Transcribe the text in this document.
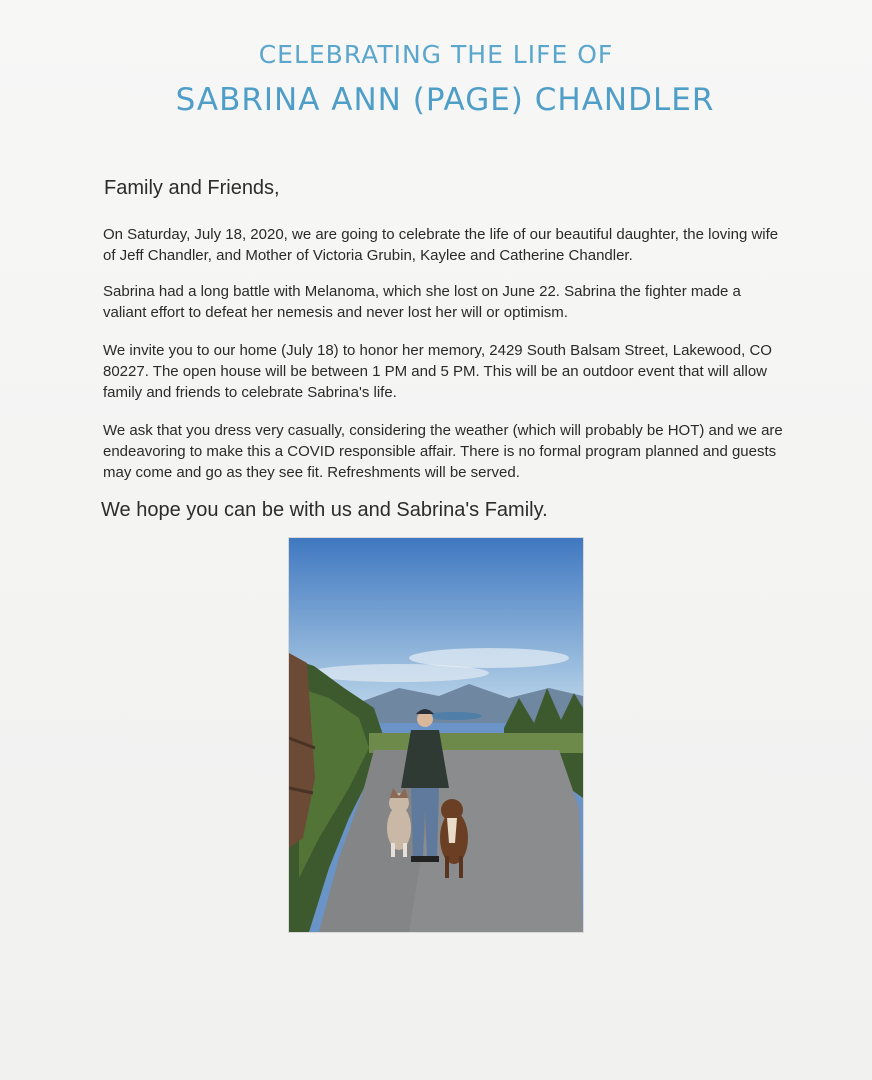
CELEBRATING THE LIFE OF
SABRINA ANN (PAGE) CHANDLER
Family and Friends,
On Saturday, July 18, 2020, we are going to celebrate the life of our beautiful daughter, the loving wife of Jeff Chandler, and Mother of Victoria Grubin, Kaylee and Catherine Chandler.
Sabrina had a long battle with Melanoma, which she lost on June 22. Sabrina the fighter made a valiant effort to defeat her nemesis and never lost her will or optimism.
We invite you to our home (July 18) to honor her memory, 2429 South Balsam Street, Lakewood, CO 80227. The open house will be between 1 PM and 5 PM. This will be an outdoor event that will allow family and friends to celebrate Sabrina's life.
We ask that you dress very casually, considering the weather (which will probably be HOT) and we are endeavoring to make this a COVID responsible affair. There is no formal program planned and guests may come and go as they see fit. Refreshments will be served.
We hope you can be with us and Sabrina's Family.
